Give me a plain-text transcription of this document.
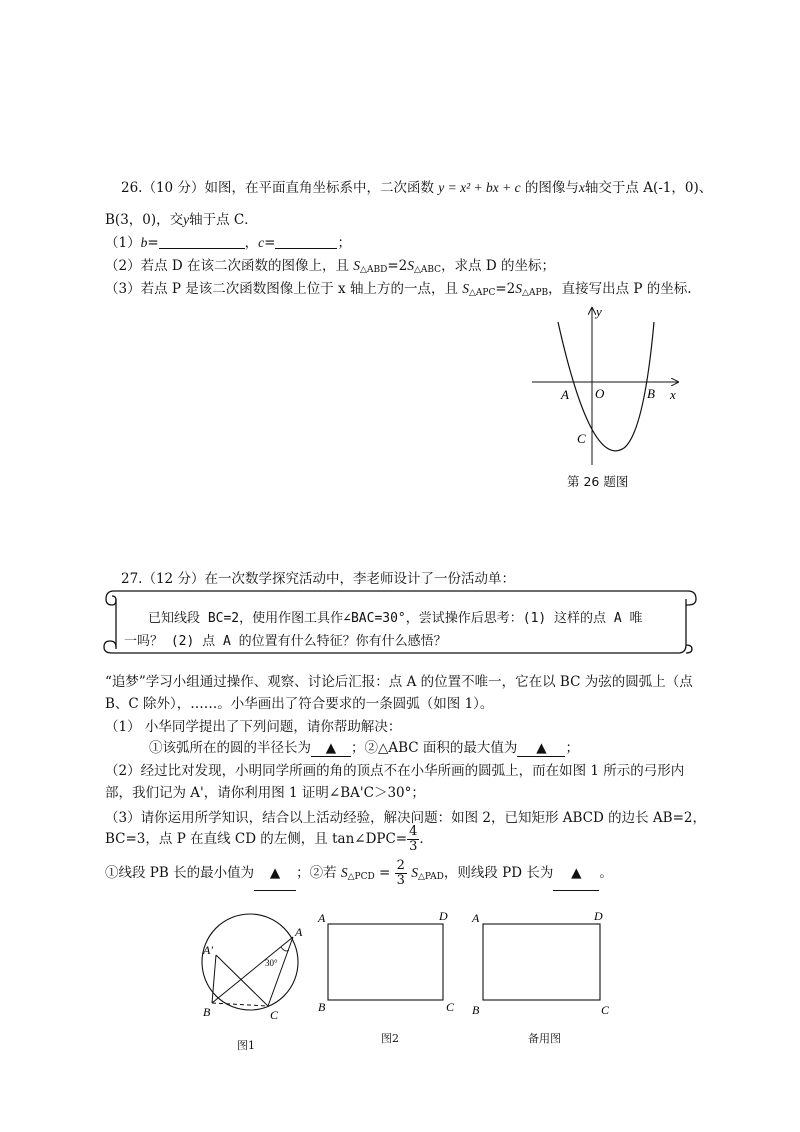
26.（10 分）如图，在平面直角坐标系中，二次函数 y = x² + bx + c 的图像与x轴交于点 A(-1，0)、
B(3，0)，交y轴于点 C．
（1）b=	，c=	；
（2）若点 D 在该二次函数的图像上，且 $S_{\triangle ABD}=2S_{\triangle ABC}$，求点 D 的坐标；
（3）若点 P 是该二次函数图像上位于 x 轴上方的一点，且 $S_{\triangle APC}=2S_{\triangle APB}$，直接写出点 P 的坐标.
y
x
O
A	B
C
第 26 题图
27.（12 分）在一次数学探究活动中，李老师设计了一份活动单：
已知线段 BC=2，使用作图工具作∠BAC=30°，尝试操作后思考：(1) 这样的点 A 唯
一吗？ (2) 点 A 的位置有什么特征？你有什么感悟？
“追梦”学习小组通过操作、观察、讨论后汇报：点 A 的位置不唯一，它在以 BC 为弦的圆弧上（点
B、C 除外），……。小华画出了符合要求的一条圆弧（如图 1）。
（1） 小华同学提出了下列问题，请你帮助解决：
①该弧所在的圆的半径长为 ▲ ；②△ABC 面积的最大值为 ▲ ；
（2）经过比对发现，小明同学所画的角的顶点不在小华所画的圆弧上，而在如图 1 所示的弓形内
部，我们记为 A'，请你利用图 1 证明∠BA'C＞30°；
（3）请你运用所学知识，结合以上活动经验，解决问题：如图 2，已知矩形 ABCD 的边长 AB=2，
BC=3，点 P 在直线 CD 的左侧，且 tan∠DPC= $\frac{4}{3}$ ．
①线段 PB 长的最小值为 ▲ ；②若 $S_{\triangle PCD} = \frac{2}{3} S_{\triangle PAD}$，则线段 PD 长为 ▲ 。
30°
A
A'
B	C
图1
A	D
B	C
图2
A	D
B	C
备用图
